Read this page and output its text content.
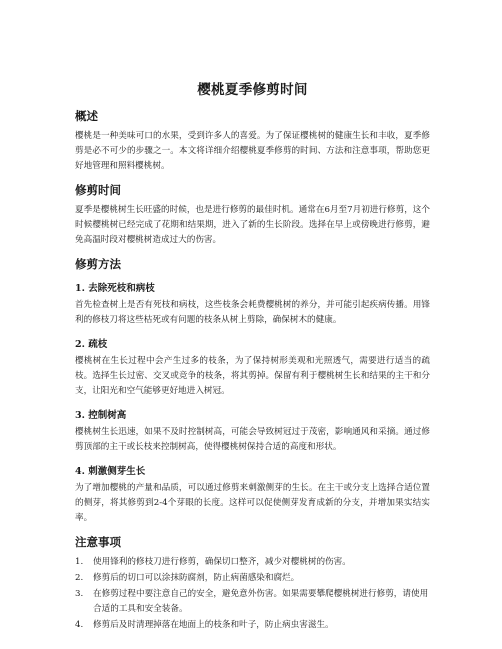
樱桃夏季修剪时间
概述

樱桃是一种美味可口的水果，受到许多人的喜爱。为了保证樱桃树的健康生长和丰收，夏季修剪是必不可少的步骤之一。本文将详细介绍樱桃夏季修剪的时间、方法和注意事项，帮助您更好地管理和照料樱桃树。

修剪时间

夏季是樱桃树生长旺盛的时候，也是进行修剪的最佳时机。通常在6月至7月初进行修剪，这个时候樱桃树已经完成了花期和结果期，进入了新的生长阶段。选择在早上或傍晚进行修剪，避免高温时段对樱桃树造成过大的伤害。

修剪方法
1. 去除死枝和病枝

首先检查树上是否有死枝和病枝，这些枝条会耗费樱桃树的养分，并可能引起疾病传播。用锋利的修枝刀将这些枯死或有问题的枝条从树上剪除，确保树木的健康。

2. 疏枝

樱桃树在生长过程中会产生过多的枝条，为了保持树形美观和光照透气，需要进行适当的疏枝。选择生长过密、交叉或竞争的枝条，将其剪掉。保留有利于樱桃树生长和结果的主干和分支，让阳光和空气能够更好地进入树冠。

3. 控制树高

樱桃树生长迅速，如果不及时控制树高，可能会导致树冠过于茂密，影响通风和采摘。通过修剪顶部的主干或长枝来控制树高，使得樱桃树保持合适的高度和形状。

4. 刺激侧芽生长

为了增加樱桃的产量和品质，可以通过修剪来刺激侧芽的生长。在主干或分支上选择合适位置的侧芽，将其修剪到2-4个芽眼的长度。这样可以促使侧芽发育成新的分支，并增加果实结实率。

注意事项
1. 使用锋利的修枝刀进行修剪，确保切口整齐，减少对樱桃树的伤害。
2. 修剪后的切口可以涂抹防腐剂，防止病菌感染和腐烂。
3. 在修剪过程中要注意自己的安全，避免意外伤害。如果需要攀爬樱桃树进行修剪，请使用合适的工具和安全装备。
4. 修剪后及时清理掉落在地面上的枝条和叶子，防止病虫害滋生。
